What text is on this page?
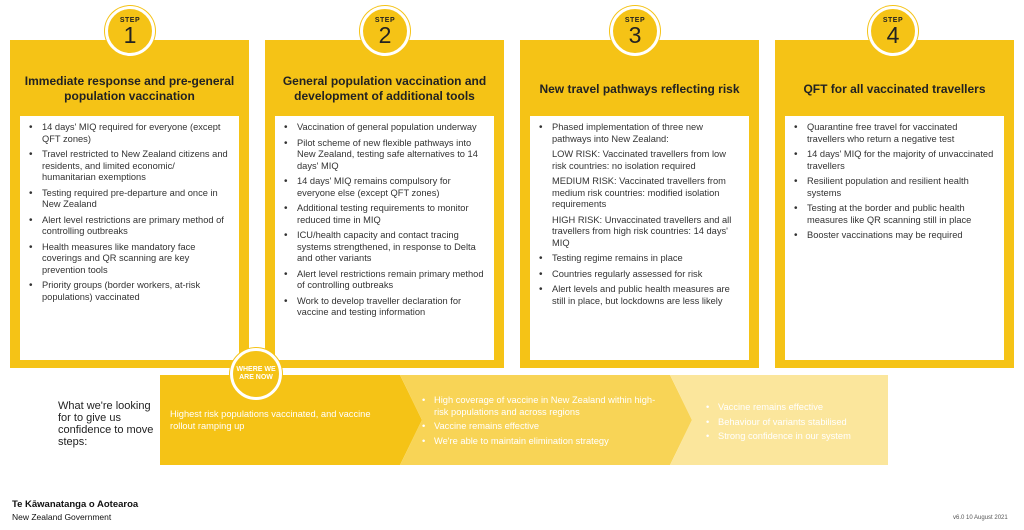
Immediate response and pre-general population vaccination
• 14 days' MIQ required for everyone (except QFT zones)
• Travel restricted to New Zealand citizens and residents, and limited economic/ humanitarian exemptions
• Testing required pre-departure and once in New Zealand
• Alert level restrictions are primary method of controlling outbreaks
• Health measures like mandatory face coverings and QR scanning are key prevention tools
• Priority groups (border workers, at-risk populations) vaccinated
STEP
1
General population vaccination and development of additional tools
• Vaccination of general population underway
• Pilot scheme of new flexible pathways into New Zealand, testing safe alternatives to 14 days' MIQ
• 14 days' MIQ remains compulsory for everyone else (except QFT zones)
• Additional testing requirements to monitor reduced time in MIQ
• ICU/health capacity and contact tracing systems strengthened, in response to Delta and other variants
• Alert level restrictions remain primary method of controlling outbreaks
• Work to develop traveller declaration for vaccine and testing information
STEP
2
New travel pathways reflecting risk
• Phased implementation of three new pathways into New Zealand:
LOW RISK: Vaccinated travellers from low risk countries: no isolation required
MEDIUM RISK: Vaccinated travellers from medium risk countries: modified isolation requirements
HIGH RISK: Unvaccinated travellers and all travellers from high risk countries: 14 days' MIQ
• Testing regime remains in place
• Countries regularly assessed for risk
• Alert levels and public health measures are still in place, but lockdowns are less likely
STEP
3
QFT for all vaccinated travellers
• Quarantine free travel for vaccinated travellers who return a negative test
• 14 days' MIQ for the majority of unvaccinated travellers
• Resilient population and resilient health systems
• Testing at the border and public health measures like QR scanning still in place
• Booster vaccinations may be required
STEP
4
Highest risk populations vaccinated, and vaccine rollout ramping up
• High coverage of vaccine in New Zealand within high-risk populations and across regions
• Vaccine remains effective
• We're able to maintain elimination strategy
• Vaccine remains effective
• Behaviour of variants stabilised
• Strong confidence in our system
WHERE WE ARE NOW
What we're looking for to give us confidence to move steps:
Te Kāwanatanga o Aotearoa
New Zealand Government	v6.0 10 August 2021
